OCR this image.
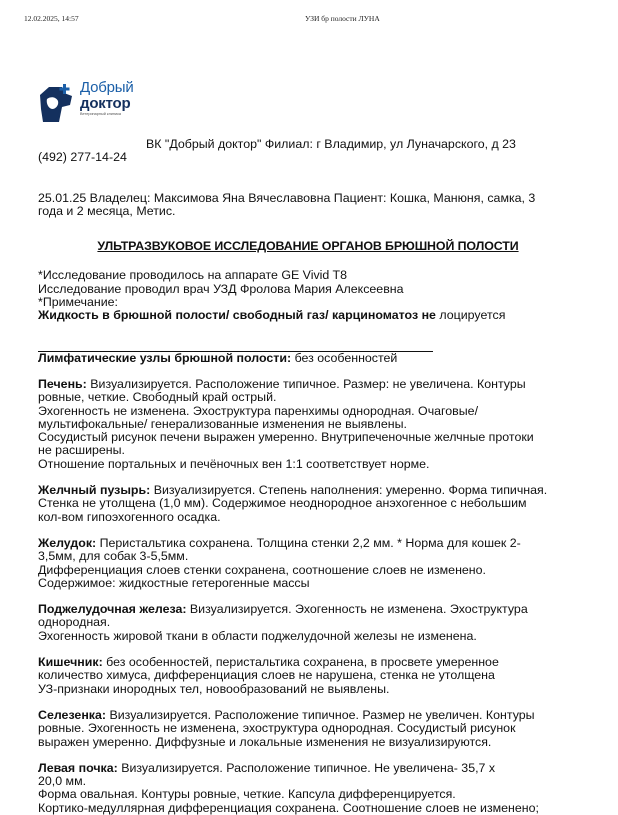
12.02.2025, 14:57	УЗИ бр полости ЛУНА
Добрый
доктор
Ветеринарный клиника

ВК "Добрый доктор" Филиал: г Владимир, ул Луначарского, д 23

(492) 277-14-24

25.01.25 Владелец: Максимова Яна Вячеславовна Пациент: Кошка, Манюня, самка, 3

года и 2 месяца, Метис.

УЛЬТРАЗВУКОВОЕ ИССЛЕДОВАНИЕ ОРГАНОВ БРЮШНОЙ ПОЛОСТИ

*Исследование проводилось на аппарате GE Vivid T8

Исследование проводил врач УЗД Фролова Мария Алексеевна

*Примечание:

Жидкость в брюшной полости/ свободный газ/ карциноматоз не лоцируется

Лимфатические узлы брюшной полости: без особенностей

Печень: Визуализируется. Расположение типичное. Размер: не увеличена. Контуры

ровные, четкие. Свободный край острый.

Эхогенность не изменена. Эхоструктура паренхимы однородная. Очаговые/

мультифокальные/ генерализованные изменения не выявлены.

Сосудистый рисунок печени выражен умеренно. Внутрипеченочные желчные протоки

не расширены.

Отношение портальных и печёночных вен 1:1 соответствует норме.

Желчный пузырь: Визуализируется. Степень наполнения: умеренно. Форма типичная.

Стенка не утолщена (1,0 мм). Содержимое неоднородное анэхогенное с небольшим

кол-вом гипоэхогенного осадка.

Желудок: Перистальтика сохранена. Толщина стенки 2,2 мм. * Норма для кошек 2-

3,5мм, для собак 3-5,5мм.

Дифференциация слоев стенки сохранена, соотношение слоев не изменено.

Содержимое: жидкостные гетерогенные массы

Поджелудочная железа: Визуализируется. Эхогенность не изменена. Эхоструктура

однородная.

Эхогенность жировой ткани в области поджелудочной железы не изменена.

Кишечник: без особенностей, перистальтика сохранена, в просвете умеренное

количество химуса, дифференциация слоев не нарушена, стенка не утолщена

УЗ-признаки инородных тел, новообразований не выявлены.

Селезенка: Визуализируется. Расположение типичное. Размер не увеличен. Контуры

ровные. Эхогенность не изменена, эхоструктура однородная. Сосудистый рисунок

выражен умеренно. Диффузные и локальные изменения не визуализируются.

Левая почка: Визуализируется. Расположение типичное. Не увеличена- 35,7 х

20,0 мм.

Форма овальная. Контуры ровные, четкие. Капсула дифференцируется.

Кортико-медуллярная дифференциация сохранена. Соотношение слоев не изменено;
